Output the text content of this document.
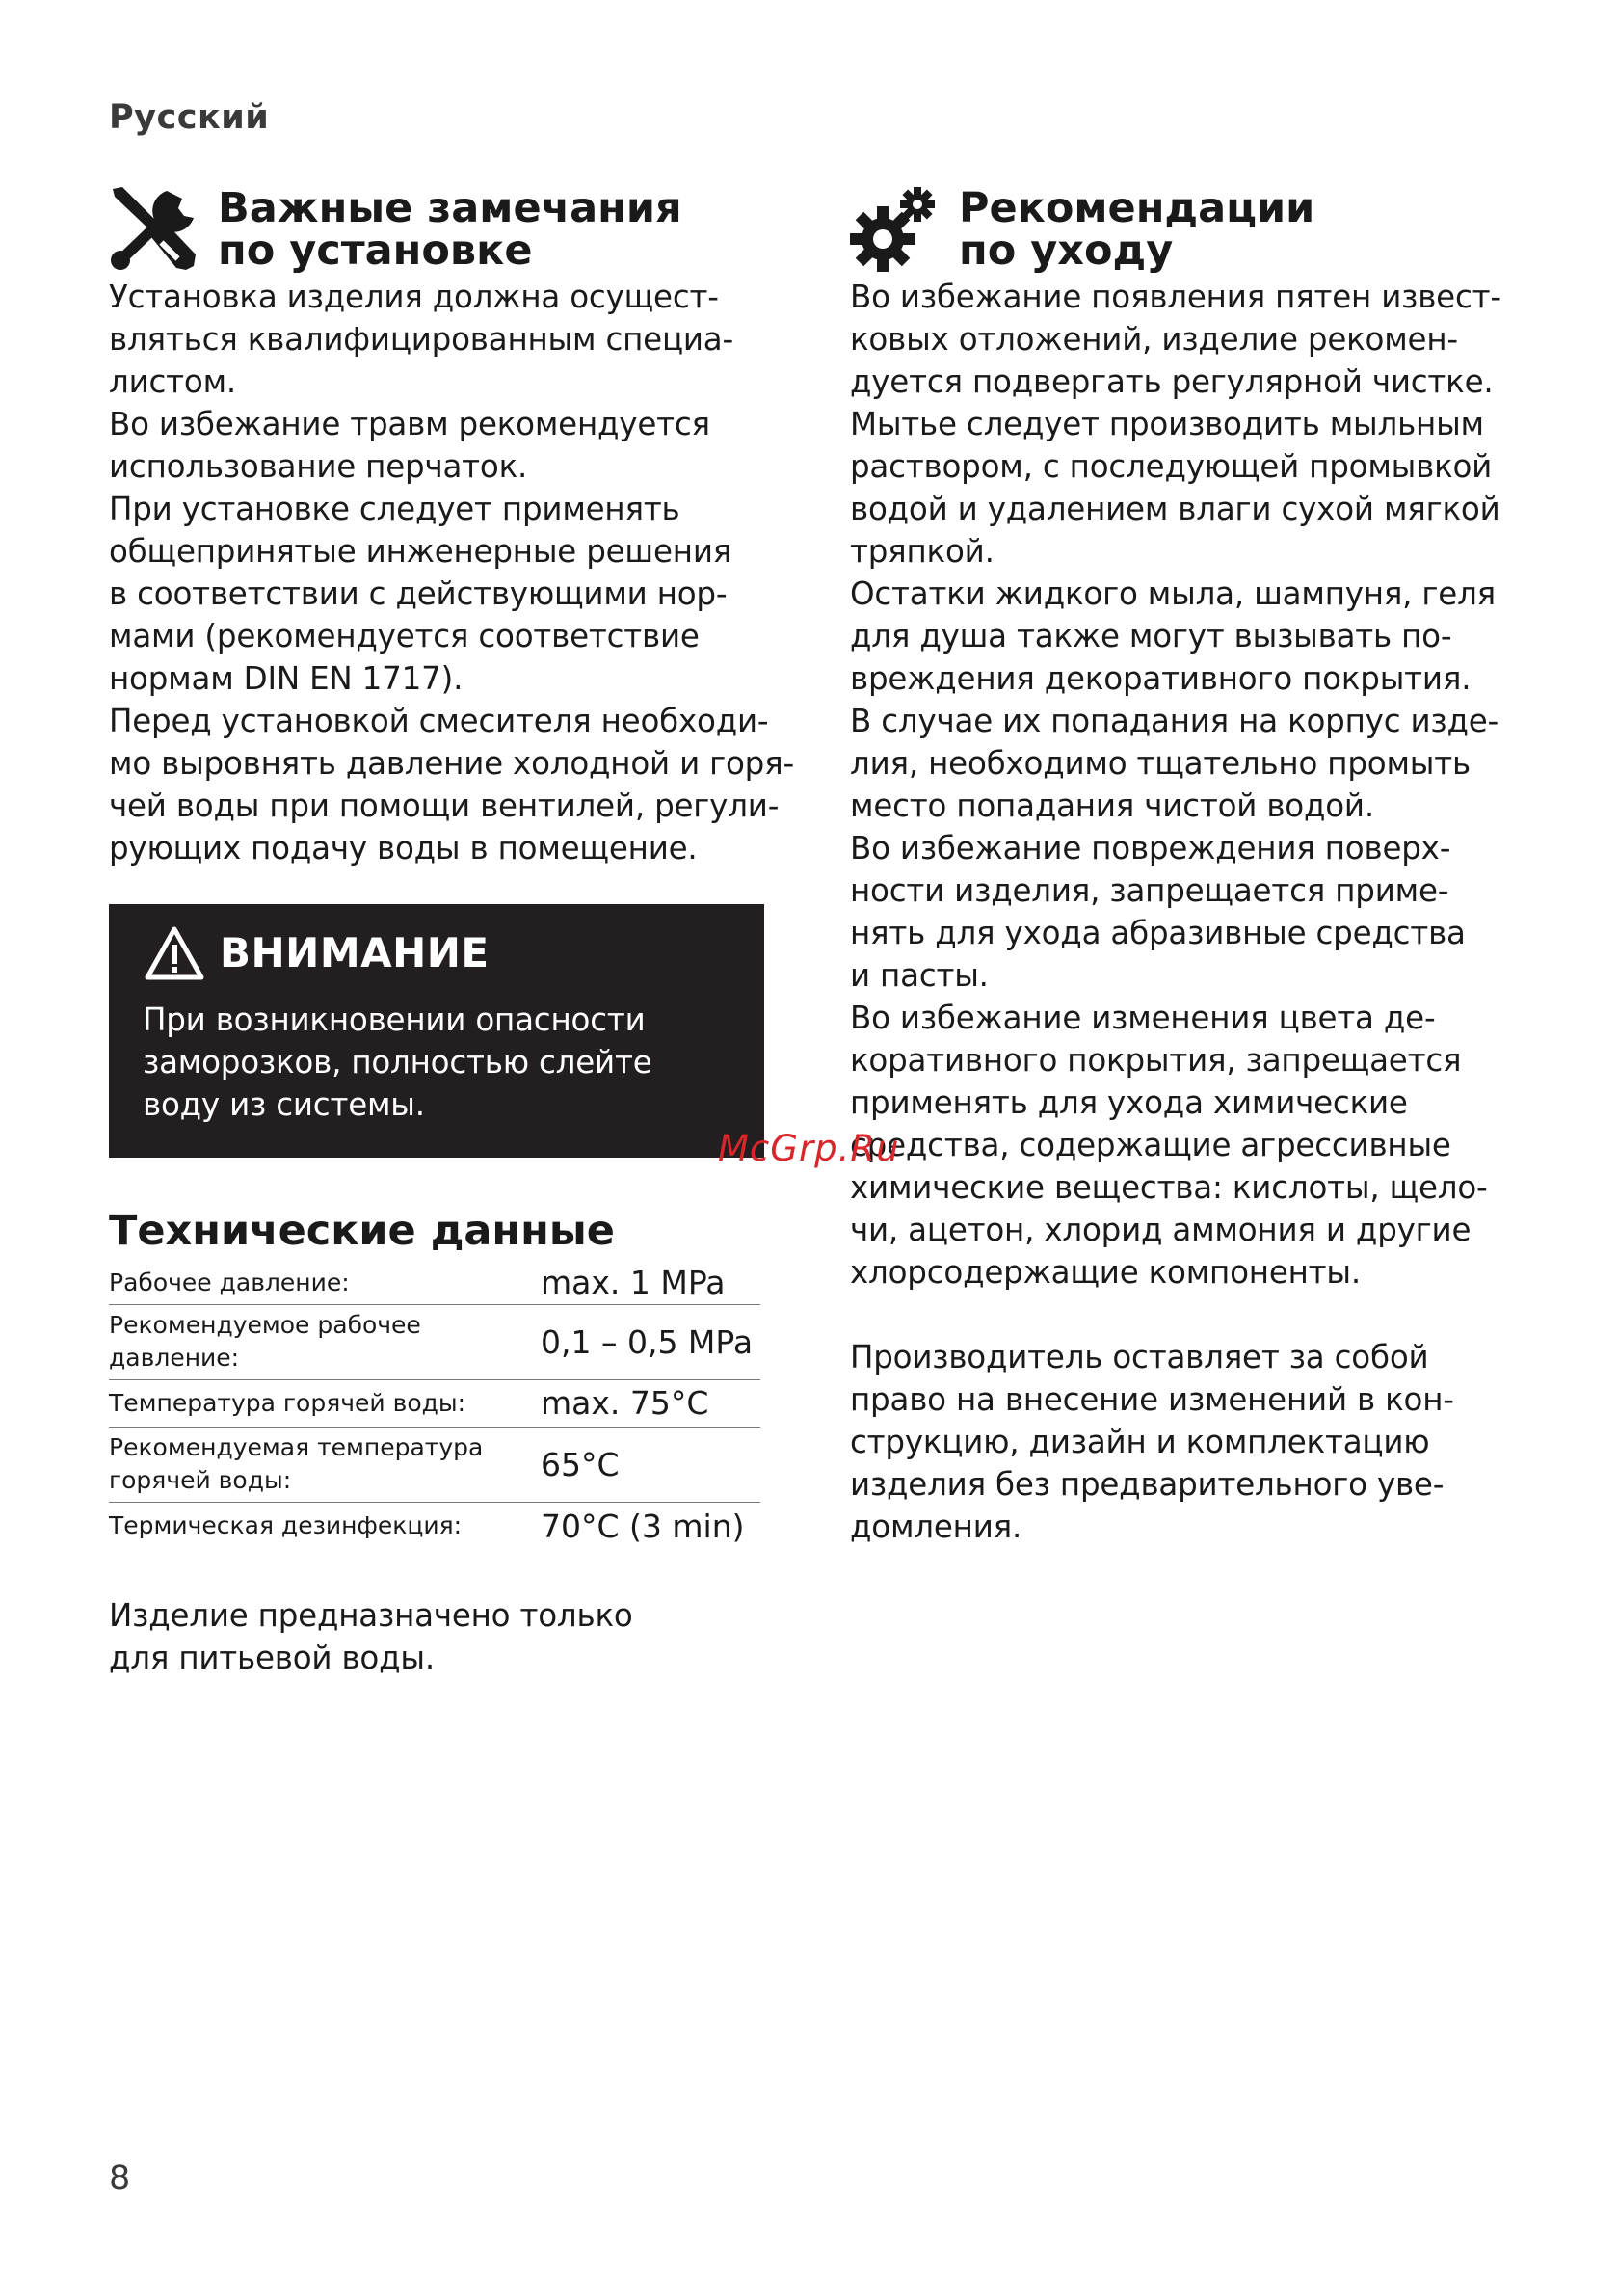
Русский
Важные замечания
по установке

Установка изделия должна осущест-
вляться квалифицированным специа-
листом.
Во избежание травм рекомендуется
использование перчаток.
При установке следует применять
общепринятые инженерные решения
в соответствии с действующими нор-
мами (рекомендуется соответствие
нормам DIN EN 1717).
Перед установкой смесителя необходи-
мо выровнять давление холодной и горя-
чей воды при помощи вентилей, регули-
рующих подачу воды в помещение.

ВНИМАНИЕ
При возникновении опасности
заморозков, полностью слейте
воду из системы.
Технические данные
Рабочее давление:	max. 1 MPa
Рекомендуемое рабочее
давление:	0,1 – 0,5 MPa
Температура горячей воды:	max. 75°C
Рекомендуемая температура
горячей воды:	65°C
Термическая дезинфекция:	70°C (3 min)

Изделие предназначено только
для питьевой воды.

Рекомендации
по уходу

Во избежание появления пятен извест-
ковых отложений, изделие рекомен-
дуется подвергать регулярной чистке.
Мытье следует производить мыльным
раствором, с последующей промывкой
водой и удалением влаги сухой мягкой
тряпкой.
Остатки жидкого мыла, шампуня, геля
для душа также могут вызывать по-
вреждения декоративного покрытия.
В случае их попадания на корпус изде-
лия, необходимо тщательно промыть
место попадания чистой водой.
Во избежание повреждения поверх-
ности изделия, запрещается приме-
нять для ухода абразивные средства
и пасты.
Во избежание изменения цвета де-
коративного покрытия, запрещается
применять для ухода химические
средства, содержащие агрессивные
химические вещества: кислоты, щело-
чи, ацетон, хлорид аммония и другие
хлорсодержащие компоненты.
Производитель оставляет за собой
право на внесение изменений в кон-
струкцию, дизайн и комплектацию
изделия без предварительного уве-
домления.

McGrp.Ru
8
